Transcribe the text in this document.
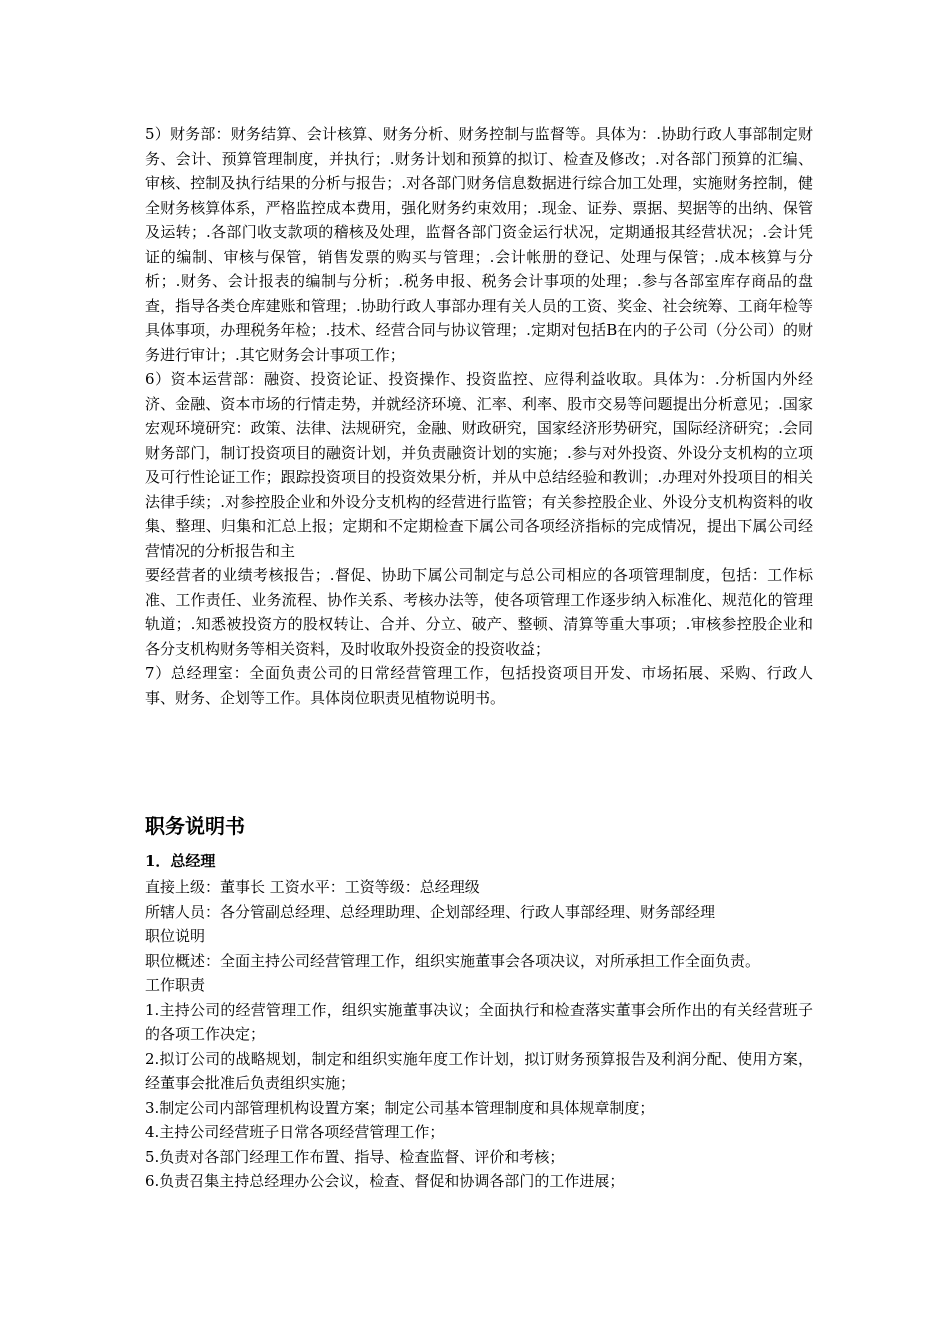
5）财务部：财务结算、会计核算、财务分析、财务控制与监督等。具体为：.协助行政人事部制定财务、会计、预算管理制度，并执行；.财务计划和预算的拟订、检查及修改；.对各部门预算的汇编、审核、控制及执行结果的分析与报告；.对各部门财务信息数据进行综合加工处理，实施财务控制，健全财务核算体系，严格监控成本费用，强化财务约束效用；.现金、证券、票据、契据等的出纳、保管及运转；.各部门收支款项的稽核及处理，监督各部门资金运行状况，定期通报其经营状况；.会计凭证的编制、审核与保管，销售发票的购买与管理；.会计帐册的登记、处理与保管；.成本核算与分析；.财务、会计报表的编制与分析；.税务申报、税务会计事项的处理；.参与各部室库存商品的盘查，指导各类仓库建账和管理；.协助行政人事部办理有关人员的工资、奖金、社会统筹、工商年检等具体事项，办理税务年检；.技术、经营合同与协议管理；.定期对包括B在内的子公司（分公司）的财务进行审计；.其它财务会计事项工作；

6）资本运营部：融资、投资论证、投资操作、投资监控、应得利益收取。具体为：.分析国内外经济、金融、资本市场的行情走势，并就经济环境、汇率、利率、股市交易等问题提出分析意见；.国家宏观环境研究：政策、法律、法规研究，金融、财政研究，国家经济形势研究，国际经济研究；.会同财务部门，制订投资项目的融资计划，并负责融资计划的实施；.参与对外投资、外设分支机构的立项及可行性论证工作；跟踪投资项目的投资效果分析，并从中总结经验和教训；.办理对外投项目的相关法律手续；.对参控股企业和外设分支机构的经营进行监管；有关参控股企业、外设分支机构资料的收集、整理、归集和汇总上报；定期和不定期检查下属公司各项经济指标的完成情况，提出下属公司经营情况的分析报告和主

要经营者的业绩考核报告；.督促、协助下属公司制定与总公司相应的各项管理制度，包括：工作标准、工作责任、业务流程、协作关系、考核办法等，使各项管理工作逐步纳入标准化、规范化的管理轨道；.知悉被投资方的股权转让、合并、分立、破产、整顿、清算等重大事项；.审核参控股企业和各分支机构财务等相关资料，及时收取外投资金的投资收益；

7）总经理室：全面负责公司的日常经营管理工作，包括投资项目开发、市场拓展、采购、行政人事、财务、企划等工作。具体岗位职责见植物说明书。

职务说明书

1．总经理

直接上级：董事长 工资水平：工资等级：总经理级

所辖人员：各分管副总经理、总经理助理、企划部经理、行政人事部经理、财务部经理

职位说明

职位概述：全面主持公司经营管理工作，组织实施董事会各项决议，对所承担工作全面负责。

工作职责

1.主持公司的经营管理工作，组织实施董事决议；全面执行和检查落实董事会所作出的有关经营班子的各项工作决定；

2.拟订公司的战略规划，制定和组织实施年度工作计划，拟订财务预算报告及利润分配、使用方案，经董事会批准后负责组织实施；

3.制定公司内部管理机构设置方案；制定公司基本管理制度和具体规章制度；

4.主持公司经营班子日常各项经营管理工作；

5.负责对各部门经理工作布置、指导、检查监督、评价和考核；

6.负责召集主持总经理办公会议，检查、督促和协调各部门的工作进展；
